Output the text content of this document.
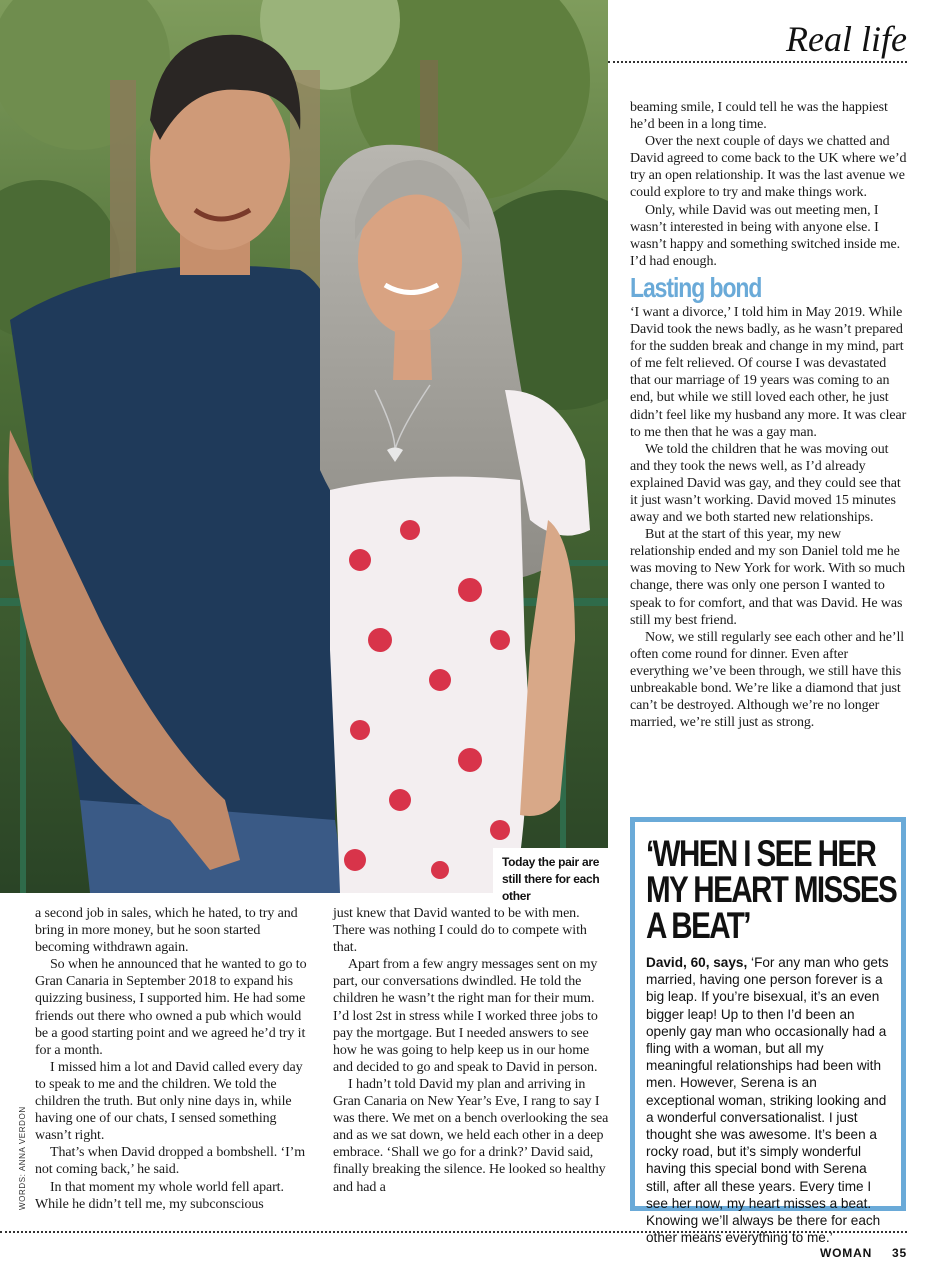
Real life
Today the pair are still there for each other

beaming smile, I could tell he was the happiest he’d been in a long time.

Over the next couple of days we chatted and David agreed to come back to the UK where we’d try an open relationship. It was the last avenue we could explore to try and make things work.

Only, while David was out meeting men, I wasn’t interested in being with anyone else. I wasn’t happy and something switched inside me. I’d had enough.

Lasting bond

‘I want a divorce,’ I told him in May 2019. While David took the news badly, as he wasn’t prepared for the sudden break and change in my mind, part of me felt relieved. Of course I was devastated that our marriage of 19 years was coming to an end, but while we still loved each other, he just didn’t feel like my husband any more. It was clear to me then that he was a gay man.

We told the children that he was moving out and they took the news well, as I’d already explained David was gay, and they could see that it just wasn’t working. David moved 15 minutes away and we both started new relationships.

But at the start of this year, my new relationship ended and my son Daniel told me he was moving to New York for work. With so much change, there was only one person I wanted to speak to for comfort, and that was David. He was still my best friend.

Now, we still regularly see each other and he’ll often come round for dinner. Even after everything we’ve been through, we still have this unbreakable bond. We’re like a diamond that just can’t be destroyed. Although we’re no longer married, we’re still just as strong.

a second job in sales, which he hated, to try and bring in more money, but he soon started becoming withdrawn again.

So when he announced that he wanted to go to Gran Canaria in September 2018 to expand his quizzing business, I supported him. He had some friends out there who owned a pub which would be a good starting point and we agreed he’d try it for a month.

I missed him a lot and David called every day to speak to me and the children. We told the children the truth. But only nine days in, while having one of our chats, I sensed something wasn’t right.

That’s when David dropped a bombshell. ‘I’m not coming back,’ he said.

In that moment my whole world fell apart. While he didn’t tell me, my subconscious

just knew that David wanted to be with men. There was nothing I could do to compete with that.

Apart from a few angry messages sent on my part, our conversations dwindled. He told the children he wasn’t the right man for their mum. I’d lost 2st in stress while I worked three jobs to pay the mortgage. But I needed answers to see how he was going to help keep us in our home and decided to go and speak to David in person.

I hadn’t told David my plan and arriving in Gran Canaria on New Year’s Eve, I rang to say I was there. We met on a bench overlooking the sea and as we sat down, we held each other in a deep embrace. ‘Shall we go for a drink?’ David said, finally breaking the silence. He looked so healthy and had a

WORDS: ANNA VERDON
‘WHEN I SEE HER MY HEART MISSES A BEAT’
David, 60, says, ‘For any man who gets married, having one person forever is a big leap. If you’re bisexual, it’s an even bigger leap! Up to then I’d been an openly gay man who occasionally had a fling with a woman, but all my meaningful relationships had been with men. However, Serena is an exceptional woman, striking looking and a wonderful conversationalist. I just thought she was awesome. It’s been a rocky road, but it’s simply wonderful having this special bond with Serena still, after all these years. Every time I see her now, my heart misses a beat. Knowing we’ll always be there for each other means everything to me.’
WOMAN 35
